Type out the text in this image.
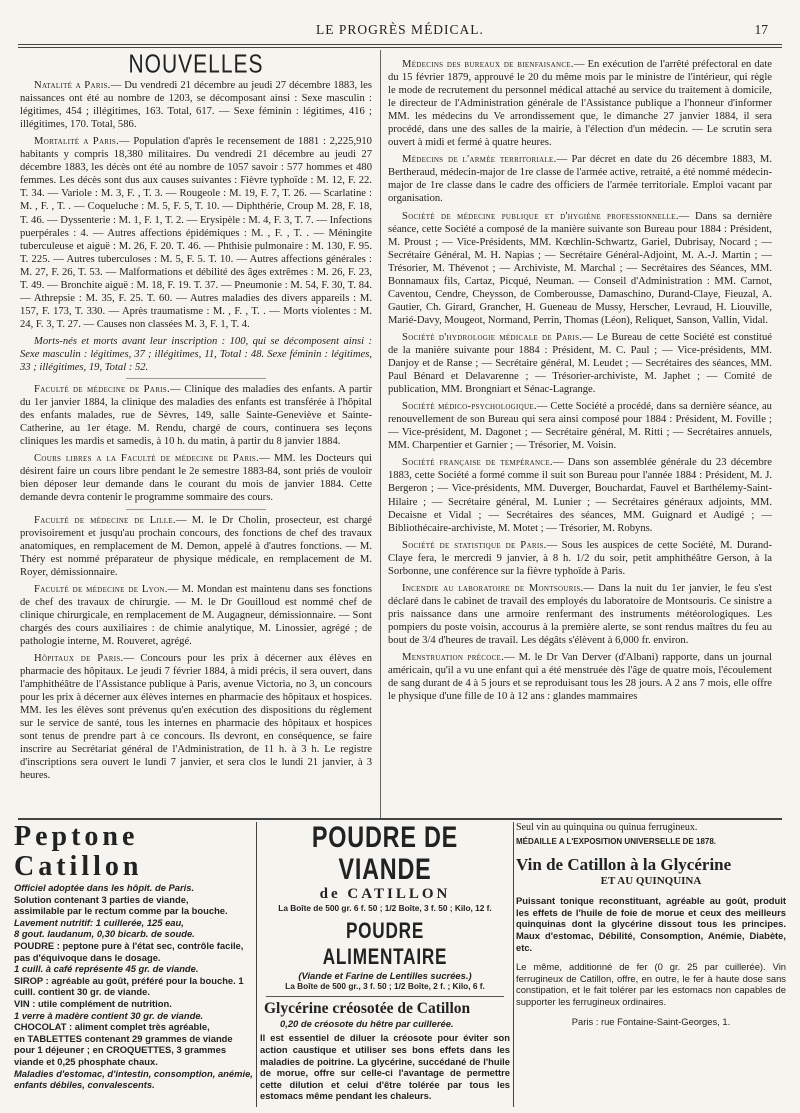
LE PROGRÈS MÉDICAL.	17
NOUVELLES

Natalité a Paris.— Du vendredi 21 décembre au jeudi 27 décembre 1883, les naissances ont été au nombre de 1203, se décomposant ainsi : Sexe masculin : légitimes, 454 ; illégitimes, 163. Total, 617. — Sexe féminin : légitimes, 416 ; illégitimes, 170. Total, 586.

Mortalité a Paris.— Population d'après le recensement de 1881 : 2,225,910 habitants y compris 18,380 militaires. Du vendredi 21 décembre au jeudi 27 décembre 1883, les décès ont été au nombre de 1057 savoir : 577 hommes et 480 femmes. Les décès sont dus aux causes suivantes : Fièvre typhoïde : M. 12, F. 22. T. 34. — Variole : M. 3, F. , T. 3. — Rougeole : M. 19, F. 7, T. 26. — Scarlatine : M. , F. , T. . — Coqueluche : M. 5, F. 5, T. 10. — Diphthérie, Croup M. 28, F. 18, T. 46. — Dyssenterie : M. 1, F. 1, T. 2. — Erysipèle : M. 4, F. 3, T. 7. — Infections puerpérales : 4. — Autres affections épidémiques : M. , F. , T. . — Méningite tuberculeuse et aiguë : M. 26, F. 20. T. 46. — Phthisie pulmonaire : M. 130, F. 95. T. 225. — Autres tuberculoses : M. 5, F. 5. T. 10. — Autres affections générales : M. 27, F. 26, T. 53. — Malformations et débilité des âges extrêmes : M. 26, F. 23, T. 49. — Bronchite aiguë : M. 18, F. 19. T. 37. — Pneumonie : M. 54, F. 30, T. 84. — Athrepsie : M. 35, F. 25. T. 60. — Autres maladies des divers appareils : M. 157, F. 173, T. 330. — Après traumatisme : M. , F. , T. . — Morts violentes : M. 24, F. 3, T. 27. — Causes non classées M. 3, F. 1, T. 4.

Morts-nés et morts avant leur inscription : 100, qui se décomposent ainsi : Sexe masculin : légitimes, 37 ; illégitimes, 11, Total : 48. Sexe féminin : légitimes, 33 ; illégitimes, 19, Total : 52.

Faculté de médecine de Paris.— Clinique des maladies des enfants. A partir du 1er janvier 1884, la clinique des maladies des enfants est transférée à l'hôpital des enfants malades, rue de Sèvres, 149, salle Sainte-Geneviève et Sainte-Catherine, au 1er étage. M. Rendu, chargé de cours, continuera ses leçons cliniques les mardis et samedis, à 10 h. du matin, à partir du 8 janvier 1884.

Cours libres a la Faculté de médecine de Paris.— MM. les Docteurs qui désirent faire un cours libre pendant le 2e semestre 1883-84, sont priés de vouloir bien déposer leur demande dans le courant du mois de janvier 1884. Cette demande devra contenir le programme sommaire des cours.

Faculté de médecine de Lille.— M. le Dr Cholin, prosecteur, est chargé provisoirement et jusqu'au prochain concours, des fonctions de chef des travaux anatomiques, en remplacement de M. Demon, appelé à d'autres fonctions. — M. Théry est nommé préparateur de physique médicale, en remplacement de M. Royer, démissionnaire.

Faculté de médecine de Lyon.— M. Mondan est maintenu dans ses fonctions de chef des travaux de chirurgie. — M. le Dr Gouilloud est nommé chef de clinique chirurgicale, en remplacement de M. Augagneur, démissionnaire. — Sont chargés des cours auxiliaires : de chimie analytique, M. Linossier, agrégé ; de pathologie interne, M. Rouveret, agrégé.

Hôpitaux de Paris.— Concours pour les prix à décerner aux élèves en pharmacie des hôpitaux. Le jeudi 7 février 1884, à midi précis, il sera ouvert, dans l'amphithéâtre de l'Assistance publique à Paris, avenue Victoria, no 3, un concours pour les prix à décerner aux élèves internes en pharmacie des hôpitaux et hospices. MM. les les élèves sont prévenus qu'en exécution des dispositions du règlement sur le service de santé, tous les internes en pharmacie des hôpitaux et hospices sont tenus de prendre part à ce concours. Ils devront, en conséquence, se faire inscrire au Secrétariat général de l'Administration, de 11 h. à 3 h. Le registre d'inscriptions sera ouvert le lundi 7 janvier, et sera clos le lundi 21 janvier, à 3 heures.

Médecins des bureaux de bienfaisance.— En exécution de l'arrêté préfectoral en date du 15 février 1879, approuvé le 20 du même mois par le ministre de l'intérieur, qui règle le mode de recrutement du personnel médical attaché au service du traitement à domicile, le directeur de l'Administration générale de l'Assistance publique a l'honneur d'informer MM. les médecins du Ve arrondissement que, le dimanche 27 janvier 1884, il sera procédé, dans une des salles de la mairie, à l'élection d'un médecin. — Le scrutin sera ouvert à midi et fermé à quatre heures.

Médecins de l'armée territoriale.— Par décret en date du 26 décembre 1883, M. Bertheraud, médecin-major de 1re classe de l'armée active, retraité, a été nommé médecin-major de 1re classe dans le cadre des officiers de l'armée territoriale. Emploi vacant par organisation.

Société de médecine publique et d'hygiène professionnelle.— Dans sa dernière séance, cette Société a composé de la manière suivante son Bureau pour 1884 : Président, M. Proust ; — Vice-Présidents, MM. Kœchlin-Schwartz, Gariel, Dubrisay, Nocard ; — Secrétaire Général, M. H. Napias ; — Secrétaire Général-Adjoint, M. A.-J. Martin ; — Trésorier, M. Thévenot ; — Archiviste, M. Marchal ; — Secrétaires des Séances, MM. Bonnamaux fils, Cartaz, Picqué, Neuman. — Conseil d'Administration : MM. Carnot, Caventou, Cendre, Cheysson, de Comberousse, Damaschino, Durand-Claye, Fieuzal, A. Gautier, Ch. Girard, Grancher, H. Gueneau de Mussy, Herscher, Levraud, H. Liouville, Marié-Davy, Mougeot, Normand, Perrin, Thomas (Léon), Reliquet, Sanson, Vallin, Vidal.

Société d'hydrologie médicale de Paris.— Le Bureau de cette Société est constitué de la manière suivante pour 1884 : Président, M. C. Paul ; — Vice-présidents, MM. Danjoy et de Ranse ; — Secrétaire général, M. Leudet ; — Secrétaires des séances, MM. Paul Bénard et Delavarenne ; — Trésorier-archiviste, M. Japhet ; — Comité de publication, MM. Brongniart et Sénac-Lagrange.

Société médico-psychologique.— Cette Société a procédé, dans sa dernière séance, au renouvellement de son Bureau qui sera ainsi composé pour 1884 : Président, M. Foville ; — Vice-président, M. Dagonet ; — Secrétaire général, M. Ritti ; — Secrétaires annuels, MM. Charpentier et Garnier ; — Trésorier, M. Voisin.

Société française de tempérance.— Dans son assemblée générale du 23 décembre 1883, cette Société a formé comme il suit son Bureau pour l'année 1884 : Président, M. J. Bergeron ; — Vice-présidents, MM. Duverger, Bouchardat, Fauvel et Barthélemy-Saint-Hilaire ; — Secrétaire général, M. Lunier ; — Secrétaires généraux adjoints, MM. Decaisne et Vidal ; — Secrétaires des séances, MM. Guignard et Audigé ; — Bibliothécaire-archiviste, M. Motet ; — Trésorier, M. Robyns.

Société de statistique de Paris.— Sous les auspices de cette Société, M. Durand-Claye fera, le mercredi 9 janvier, à 8 h. 1/2 du soir, petit amphithéâtre Gerson, à la Sorbonne, une conférence sur la fièvre typhoïde à Paris.

Incendie au laboratoire de Montsouris.— Dans la nuit du 1er janvier, le feu s'est déclaré dans le cabinet de travail des employés du laboratoire de Montsouris. Ce sinistre a pris naissance dans une armoire renfermant des instruments météorologiques. Les pompiers du poste voisin, accourus à la première alerte, se sont rendus maîtres du feu au bout de 3/4 d'heures de travail. Les dégâts s'élèvent à 6,000 fr. environ.

Menstruation précoce.— M. le Dr Van Derver (d'Albani) rapporte, dans un journal américain, qu'il a vu une enfant qui a été menstruée dès l'âge de quatre mois, l'écoulement de sang durant de 4 à 5 jours et se reproduisant tous les 28 jours. A 2 ans 7 mois, elle offre le physique d'une fille de 10 à 12 ans : glandes mammaires

Peptone Catillon
Officiel adoptée dans les hôpit. de Paris.
Solution contenant 3 parties de viande,
assimilable par le rectum comme par la bouche.
Lavement nutritif: 1 cuillerée, 125 eau,
8 gout. laudanum, 0,30 bicarb. de soude.
POUDRE : peptone pure à l'état sec, contrôle facile, pas d'équivoque dans le dosage.
1 cuill. à café représente 45 gr. de viande.
SIROP : agréable au goût, préféré pour la bouche. 1 cuill. contient 30 gr. de viande.
VIN : utile complément de nutrition.
1 verre à madère contient 30 gr. de viande.
CHOCOLAT : aliment complet très agréable,
en TABLETTES contenant 29 grammes de viande pour 1 déjeuner ; en CROQUETTES, 3 grammes viande et 0,25 phosphate chaux.
Maladies d'estomac, d'intestin, consomption, anémie, enfants débiles, convalescents.
POUDRE DE VIANDE
de CATILLON
La Boîte de 500 gr. 6 f. 50 ; 1/2 Boîte, 3 f. 50 ; Kilo, 12 f.
POUDRE ALIMENTAIRE
(Viande et Farine de Lentilles sucrées.)
La Boîte de 500 gr., 3 f. 50 ; 1/2 Boîte, 2 f. ; Kilo, 6 f.
Glycérine créosotée de Catillon
0,20 de créosote du hêtre par cuillerée.
Il est essentiel de diluer la créosote pour éviter son action caustique et utiliser ses bons effets dans les maladies de poitrine. La glycérine, succédané de l'huile de morue, offre sur celle-ci l'avantage de permettre cette dilution et celui d'être tolérée par tous les estomacs même pendant les chaleurs.
Seul vin au quinquina ou quinua ferrugineux.
MÉDAILLE A L'EXPOSITION UNIVERSELLE DE 1878.
Vin de Catillon à la Glycérine
ET AU QUINQUINA
Puissant tonique reconstituant, agréable au goût, produit les effets de l'huile de foie de morue et ceux des meilleurs quinquinas dont la glycérine dissout tous les principes. Maux d'estomac, Débilité, Consomption, Anémie, Diabète, etc.
Le même, additionné de fer (0 gr. 25 par cuillerée). Vin ferrugineux de Catillon, offre, en outre, le fer à haute dose sans constipation, et le fait tolérer par les estomacs non capables de supporter les ferrugineux ordinaires.
Paris : rue Fontaine-Saint-Georges, 1.
